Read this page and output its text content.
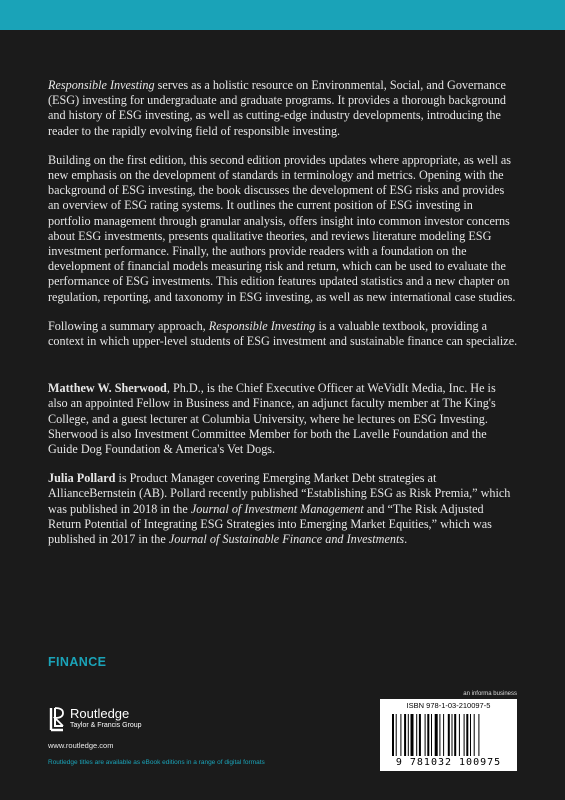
Responsible Investing serves as a holistic resource on Environmental, Social, and Governance (ESG) investing for undergraduate and graduate programs. It provides a thorough background and history of ESG investing, as well as cutting-edge industry developments, introducing the reader to the rapidly evolving field of responsible investing.

Building on the first edition, this second edition provides updates where appropriate, as well as new emphasis on the development of standards in terminology and metrics. Opening with the background of ESG investing, the book discusses the development of ESG risks and provides an overview of ESG rating systems. It outlines the current position of ESG investing in portfolio management through granular analysis, offers insight into common investor concerns about ESG investments, presents qualitative theories, and reviews literature modeling ESG investment performance. Finally, the authors provide readers with a foundation on the development of financial models measuring risk and return, which can be used to evaluate the performance of ESG investments. This edition features updated statistics and a new chapter on regulation, reporting, and taxonomy in ESG investing, as well as new international case studies.

Following a summary approach, Responsible Investing is a valuable textbook, providing a context in which upper-level students of ESG investment and sustainable finance can specialize.

Matthew W. Sherwood, Ph.D., is the Chief Executive Officer at WeVidIt Media, Inc. He is also an appointed Fellow in Business and Finance, an adjunct faculty member at The King's College, and a guest lecturer at Columbia University, where he lectures on ESG Investing. Sherwood is also Investment Committee Member for both the Lavelle Foundation and the Guide Dog Foundation & America's Vet Dogs.

Julia Pollard is Product Manager covering Emerging Market Debt strategies at AllianceBernstein (AB). Pollard recently published “Establishing ESG as Risk Premia,” which was published in 2018 in the Journal of Investment Management and “The Risk Adjusted Return Potential of Integrating ESG Strategies into Emerging Market Equities,” which was published in 2017 in the Journal of Sustainable Finance and Investments.

FINANCE
Routledge
Taylor & Francis Group
www.routledge.com
Routledge titles are available as eBook editions in a range of digital formats
an informa business
ISBN 978-1-03-210097-5
9 781032 100975
